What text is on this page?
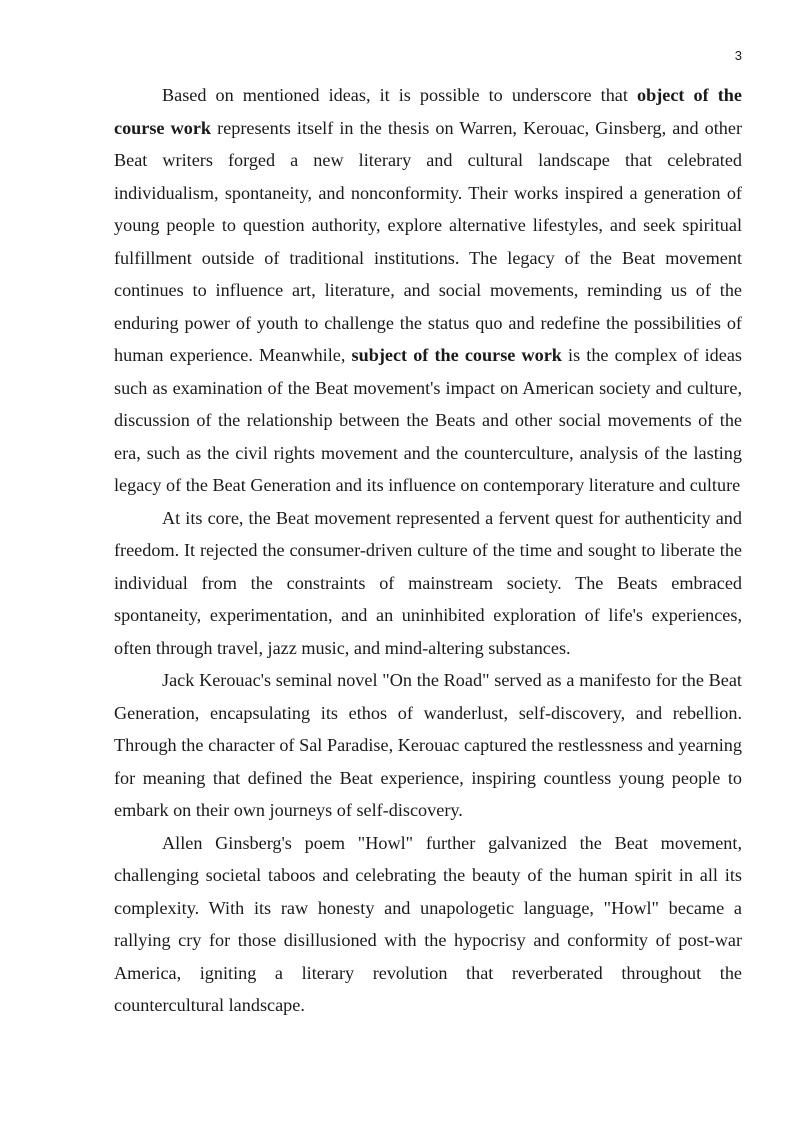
3

Based on mentioned ideas, it is possible to underscore that object of the course work represents itself in the thesis on Warren, Kerouac, Ginsberg, and other Beat writers forged a new literary and cultural landscape that celebrated individualism, spontaneity, and nonconformity. Their works inspired a generation of young people to question authority, explore alternative lifestyles, and seek spiritual fulfillment outside of traditional institutions. The legacy of the Beat movement continues to influence art, literature, and social movements, reminding us of the enduring power of youth to challenge the status quo and redefine the possibilities of human experience. Meanwhile, subject of the course work is the complex of ideas such as examination of the Beat movement's impact on American society and culture, discussion of the relationship between the Beats and other social movements of the era, such as the civil rights movement and the counterculture, analysis of the lasting legacy of the Beat Generation and its influence on contemporary literature and culture

At its core, the Beat movement represented a fervent quest for authenticity and freedom. It rejected the consumer-driven culture of the time and sought to liberate the individual from the constraints of mainstream society. The Beats embraced spontaneity, experimentation, and an uninhibited exploration of life's experiences, often through travel, jazz music, and mind-altering substances.

Jack Kerouac's seminal novel "On the Road" served as a manifesto for the Beat Generation, encapsulating its ethos of wanderlust, self-discovery, and rebellion. Through the character of Sal Paradise, Kerouac captured the restlessness and yearning for meaning that defined the Beat experience, inspiring countless young people to embark on their own journeys of self-discovery.

Allen Ginsberg's poem "Howl" further galvanized the Beat movement, challenging societal taboos and celebrating the beauty of the human spirit in all its complexity. With its raw honesty and unapologetic language, "Howl" became a rallying cry for those disillusioned with the hypocrisy and conformity of post-war America, igniting a literary revolution that reverberated throughout the countercultural landscape.
